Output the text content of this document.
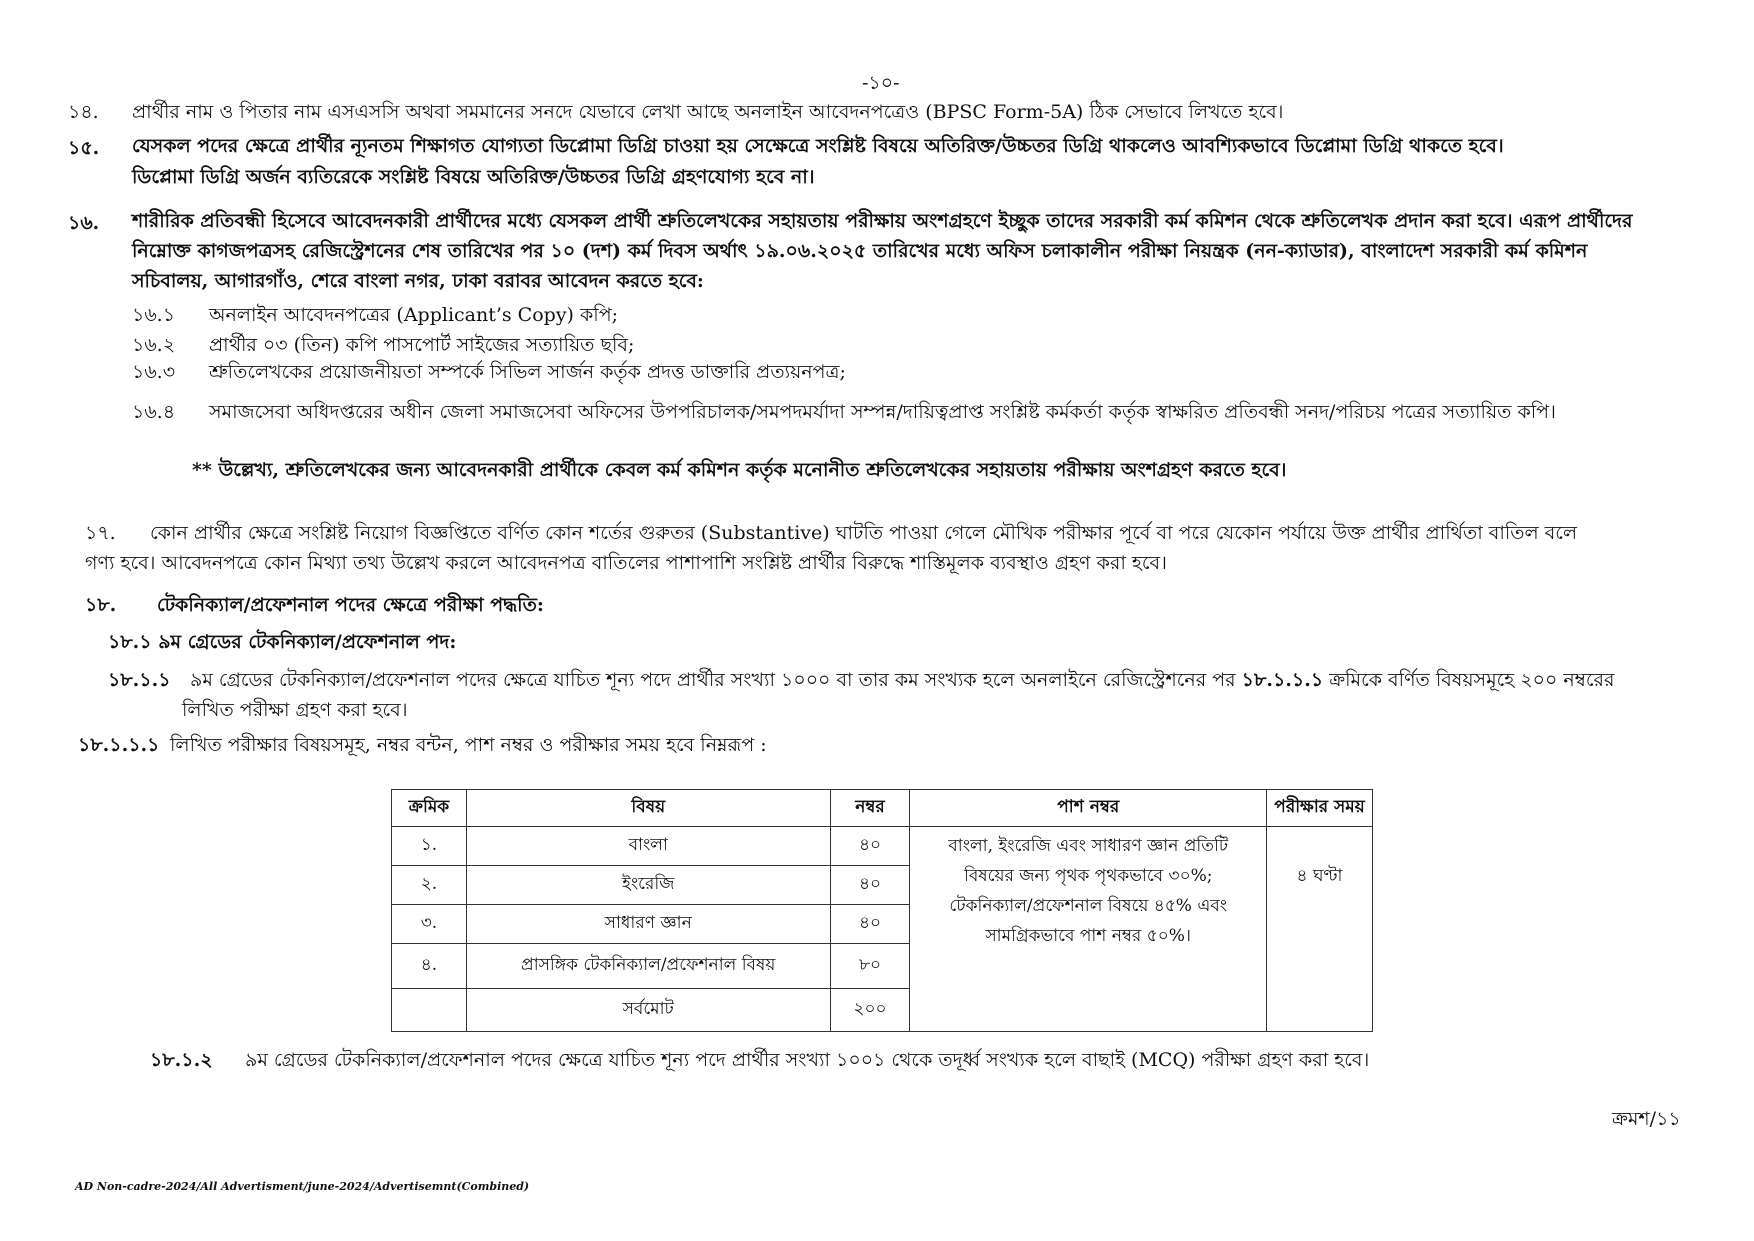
-১০-
১৪. প্রার্থীর নাম ও পিতার নাম এসএসসি অথবা সমমানের সনদে যেভাবে লেখা আছে অনলাইন আবেদনপত্রেও (BPSC Form-5A) ঠিক সেভাবে লিখতে হবে।
১৫. যেসকল পদের ক্ষেত্রে প্রার্থীর ন্যূনতম শিক্ষাগত যোগ্যতা ডিপ্লোমা ডিগ্রি চাওয়া হয় সেক্ষেত্রে সংশ্লিষ্ট বিষয়ে অতিরিক্ত/উচ্চতর ডিগ্রি থাকলেও আবশ্যিকভাবে ডিপ্লোমা ডিগ্রি থাকতে হবে। ডিপ্লোমা ডিগ্রি অর্জন ব্যতিরেকে সংশ্লিষ্ট বিষয়ে অতিরিক্ত/উচ্চতর ডিগ্রি গ্রহণযোগ্য হবে না।
১৬. শারীরিক প্রতিবন্ধী হিসেবে আবেদনকারী প্রার্থীদের মধ্যে যেসকল প্রার্থী শ্রুতিলেখকের সহায়তায় পরীক্ষায় অংশগ্রহণে ইচ্ছুক তাদের সরকারী কর্ম কমিশন থেকে শ্রুতিলেখক প্রদান করা হবে। এরূপ প্রার্থীদের নিম্নোক্ত কাগজপত্রসহ রেজিস্ট্রেশনের শেষ তারিখের পর ১০ (দশ) কর্ম দিবস অর্থাৎ ১৯.০৬.২০২৫ তারিখের মধ্যে অফিস চলাকালীন পরীক্ষা নিয়ন্ত্রক (নন-ক্যাডার), বাংলাদেশ সরকারী কর্ম কমিশন সচিবালয়, আগারগাঁও, শেরে বাংলা নগর, ঢাকা বরাবর আবেদন করতে হবে:
১৬.১ অনলাইন আবেদনপত্রের (Applicant’s Copy) কপি;
১৬.২ প্রার্থীর ০৩ (তিন) কপি পাসপোর্ট সাইজের সত্যায়িত ছবি;
১৬.৩ শ্রুতিলেখকের প্রয়োজনীয়তা সম্পর্কে সিভিল সার্জন কর্তৃক প্রদত্ত ডাক্তারি প্রত্যয়নপত্র;
১৬.৪ সমাজসেবা অধিদপ্তরের অধীন জেলা সমাজসেবা অফিসের উপপরিচালক/সমপদমর্যাদা সম্পন্ন/দায়িত্বপ্রাপ্ত সংশ্লিষ্ট কর্মকর্তা কর্তৃক স্বাক্ষরিত প্রতিবন্ধী সনদ/পরিচয় পত্রের সত্যায়িত কপি।
** উল্লেখ্য, শ্রুতিলেখকের জন্য আবেদনকারী প্রার্থীকে কেবল কর্ম কমিশন কর্তৃক মনোনীত শ্রুতিলেখকের সহায়তায় পরীক্ষায় অংশগ্রহণ করতে হবে।
১৭. কোন প্রার্থীর ক্ষেত্রে সংশ্লিষ্ট নিয়োগ বিজ্ঞপ্তিতে বর্ণিত কোন শর্তের গুরুতর (Substantive) ঘাটতি পাওয়া গেলে মৌখিক পরীক্ষার পূর্বে বা পরে যেকোন পর্যায়ে উক্ত প্রার্থীর প্রার্থিতা বাতিল বলে
গণ্য হবে। আবেদনপত্রে কোন মিথ্যা তথ্য উল্লেখ করলে আবেদনপত্র বাতিলের পাশাপাশি সংশ্লিষ্ট প্রার্থীর বিরুদ্ধে শাস্তিমূলক ব্যবস্থাও গ্রহণ করা হবে।
১৮. টেকনিক্যাল/প্রফেশনাল পদের ক্ষেত্রে পরীক্ষা পদ্ধতি:
১৮.১ ৯ম গ্রেডের টেকনিক্যাল/প্রফেশনাল পদ:
১৮.১.১ ৯ম গ্রেডের টেকনিক্যাল/প্রফেশনাল পদের ক্ষেত্রে যাচিত শূন্য পদে প্রার্থীর সংখ্যা ১০০০ বা তার কম সংখ্যক হলে অনলাইনে রেজিস্ট্রেশনের পর ১৮.১.১.১ ক্রমিকে বর্ণিত বিষয়সমূহে ২০০ নম্বরের
লিখিত পরীক্ষা গ্রহণ করা হবে।
১৮.১.১.১ লিখিত পরীক্ষার বিষয়সমূহ, নম্বর বন্টন, পাশ নম্বর ও পরীক্ষার সময় হবে নিম্নরূপ :
ক্রমিক	বিষয়	নম্বর	পাশ নম্বর	পরীক্ষার সময়
১.	বাংলা	৪০	বাংলা, ইংরেজি এবং সাধারণ জ্ঞান প্রতিটি
বিষয়ের জন্য পৃথক পৃথকভাবে ৩০%;
টেকনিক্যাল/প্রফেশনাল বিষয়ে ৪৫% এবং
সামগ্রিকভাবে পাশ নম্বর ৫০%।	৪ ঘণ্টা
২.	ইংরেজি	৪০		
৩.	সাধারণ জ্ঞান	৪০		
৪.	প্রাসঙ্গিক টেকনিক্যাল/প্রফেশনাল বিষয়	৮০		
	সর্বমোট	২০০		
১৮.১.২ ৯ম গ্রেডের টেকনিক্যাল/প্রফেশনাল পদের ক্ষেত্রে যাচিত শূন্য পদে প্রার্থীর সংখ্যা ১০০১ থেকে তদূর্ধ্ব সংখ্যক হলে বাছাই (MCQ) পরীক্ষা গ্রহণ করা হবে।
ক্রমশ/১১
AD Non-cadre-2024/All Advertisment/june-2024/Advertisemnt(Combined)
